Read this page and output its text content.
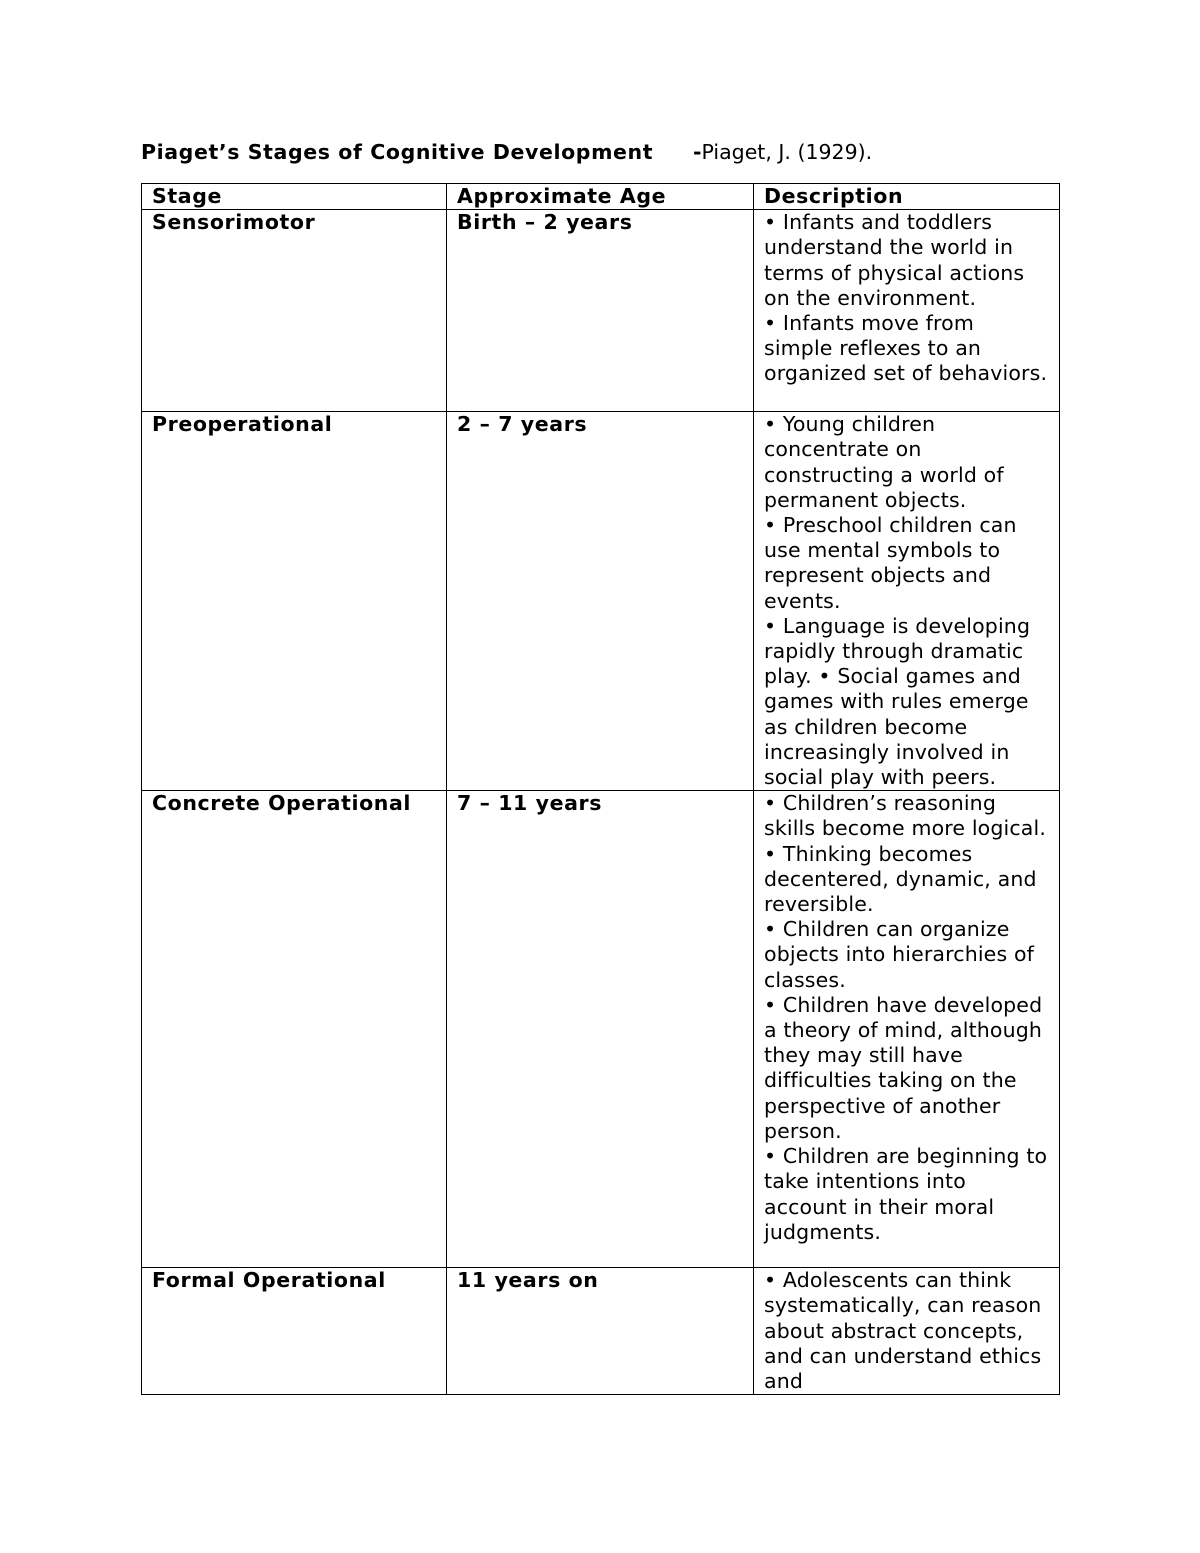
Piaget’s Stages of Cognitive Development -Piaget, J. (1929).
Stage	Approximate Age	Description
Sensorimotor	Birth – 2 years	• Infants and toddlers understand the world in terms of physical actions on the environment.
• Infants move from simple reflexes to an organized set of behaviors.
Preoperational	2 – 7 years	• Young children concentrate on constructing a world of permanent objects.
• Preschool children can use mental symbols to represent objects and events.
• Language is developing rapidly through dramatic play. • Social games and games with rules emerge as children become increasingly involved in social play with peers.
Concrete Operational	7 – 11 years	• Children’s reasoning skills become more logical.
• Thinking becomes decentered, dynamic, and reversible.
• Children can organize objects into hierarchies of classes.
• Children have developed a theory of mind, although they may still have difficulties taking on the perspective of another person.
• Children are beginning to take intentions into account in their moral judgments.
Formal Operational	11 years on	• Adolescents can think systematically, can reason about abstract concepts, and can understand ethics and
